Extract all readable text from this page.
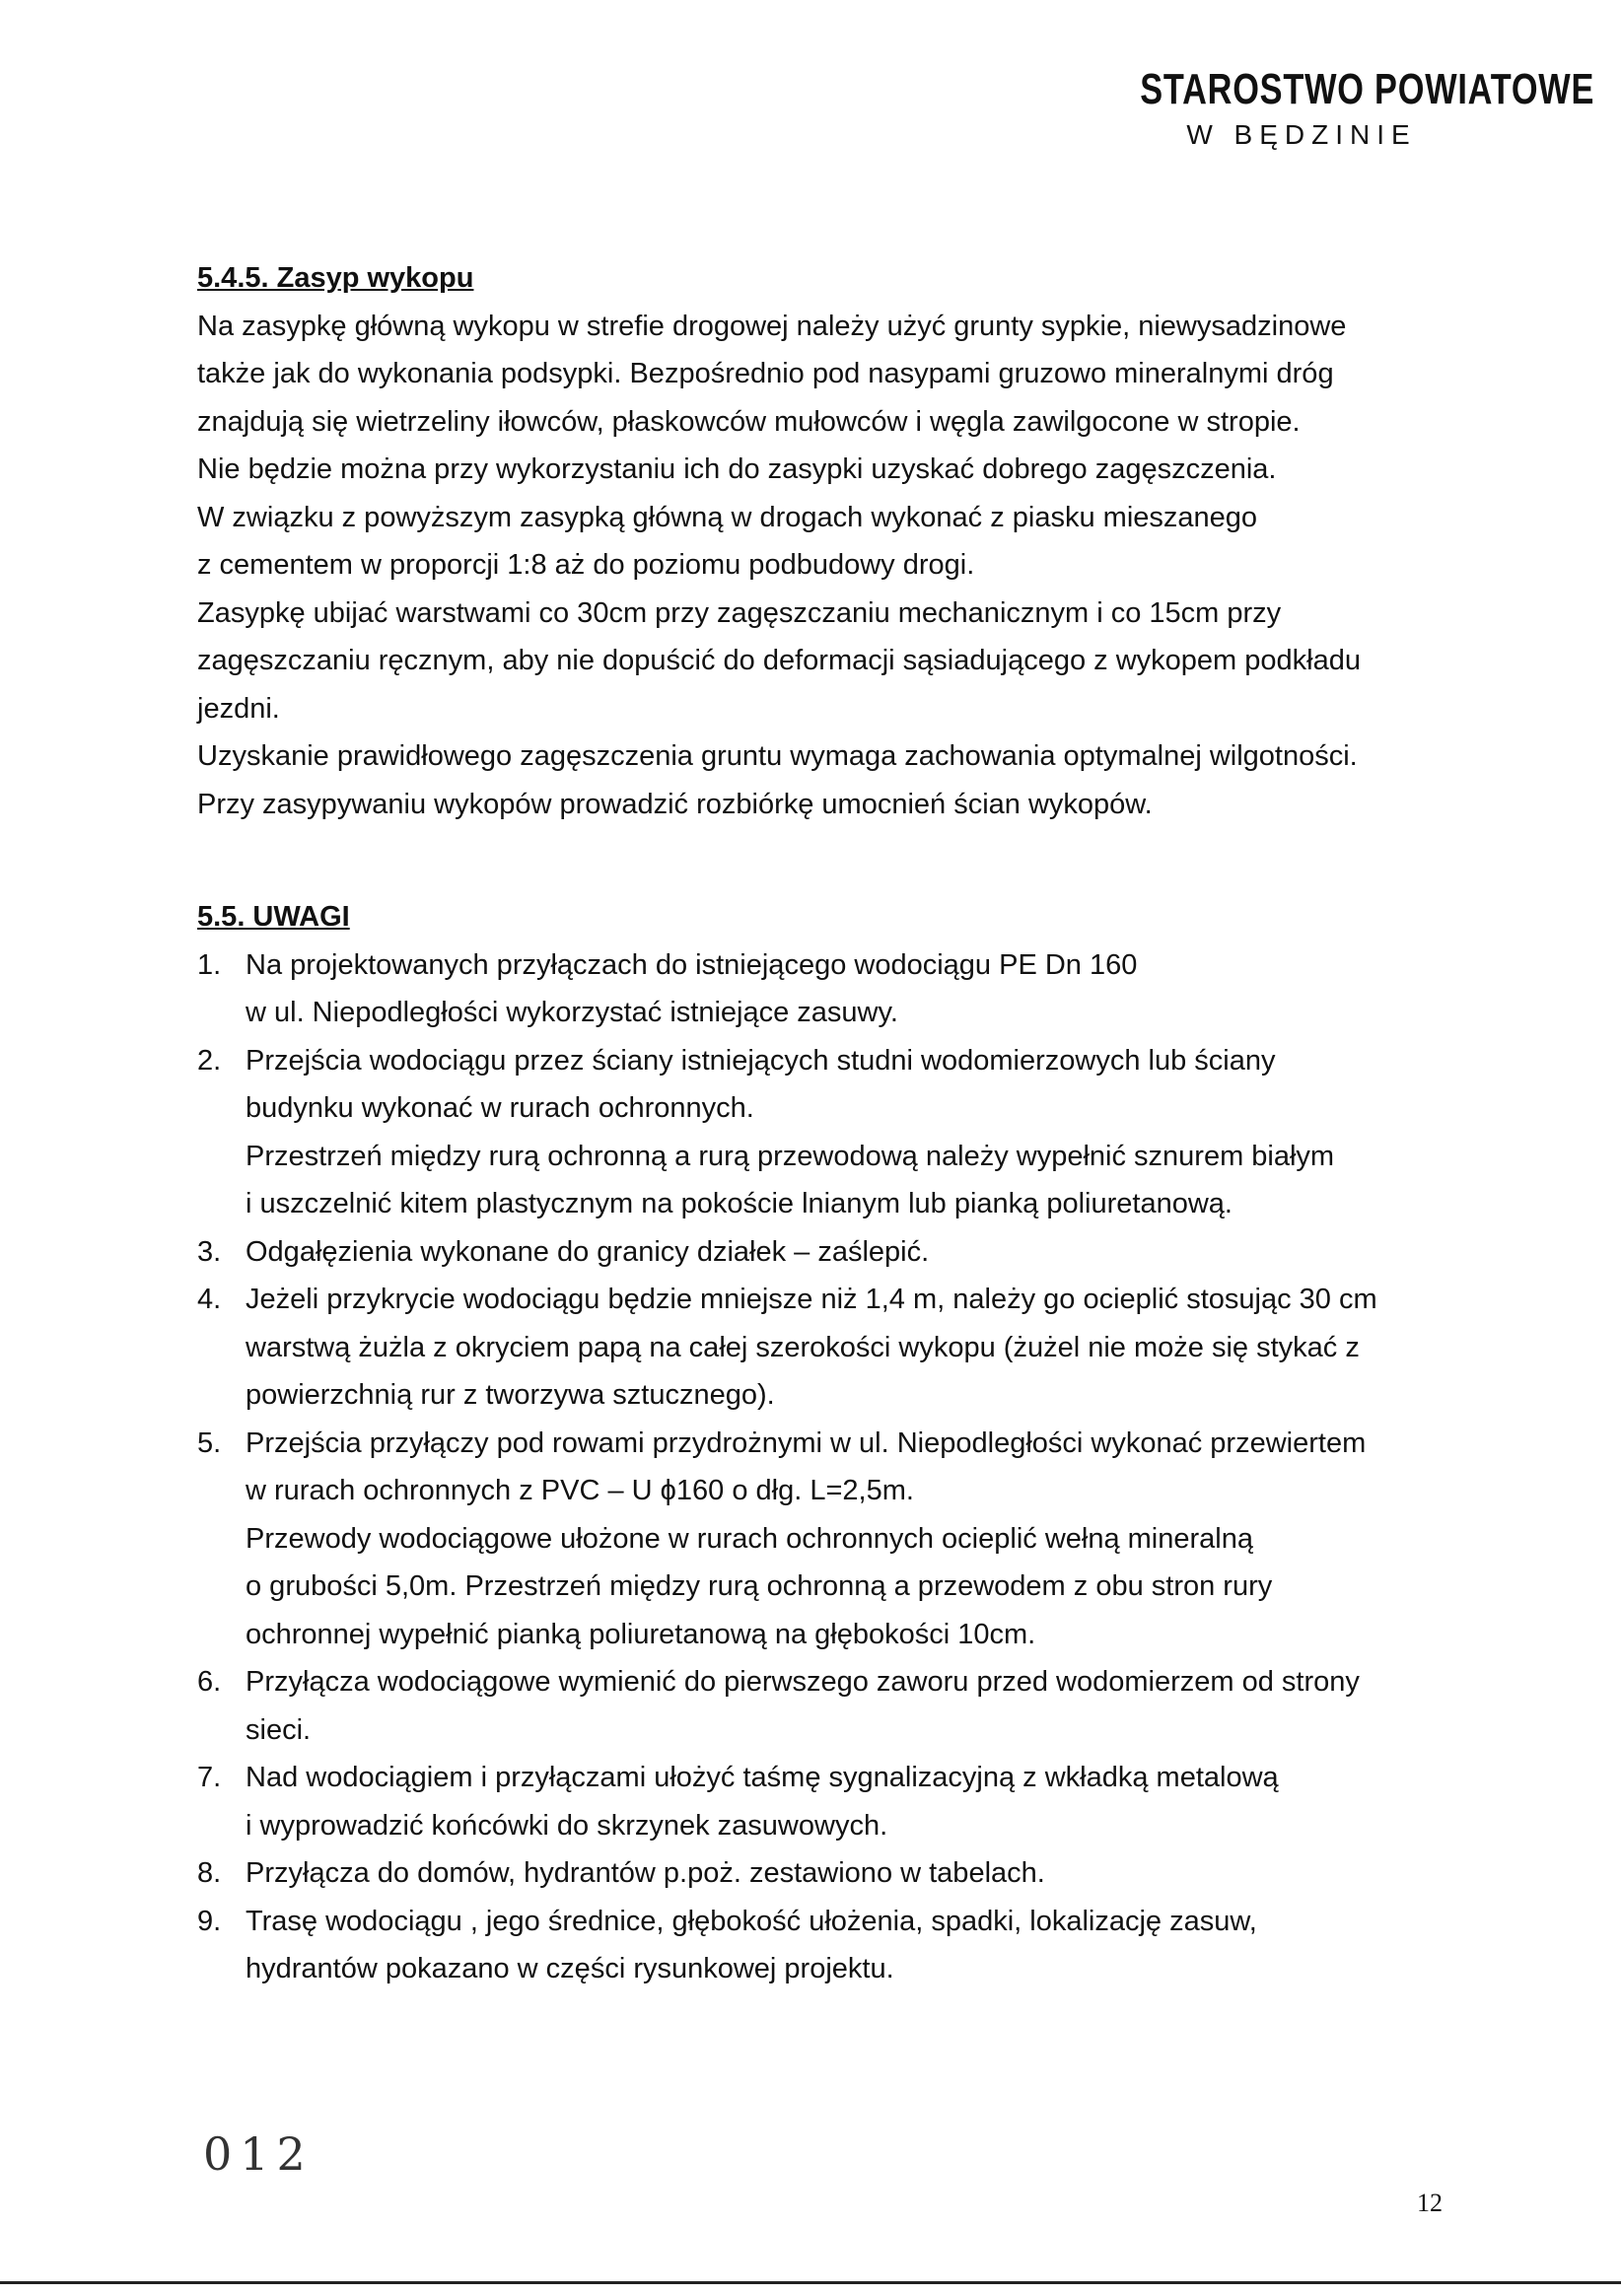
STAROSTWO POWIATOWE
W BĘDZINIE
5.4.5. Zasyp wykopu
Na zasypkę główną wykopu w strefie drogowej należy użyć grunty sypkie, niewysadzinowe
także jak do wykonania podsypki. Bezpośrednio pod nasypami gruzowo mineralnymi dróg
znajdują się wietrzeliny iłowców, płaskowców mułowców i węgla zawilgocone w stropie.
Nie będzie można przy wykorzystaniu ich do zasypki uzyskać dobrego zagęszczenia.
W związku z powyższym zasypką główną w drogach wykonać z piasku mieszanego
z cementem w proporcji 1:8 aż do poziomu podbudowy drogi.
Zasypkę ubijać warstwami co 30cm przy zagęszczaniu mechanicznym i co 15cm przy
zagęszczaniu ręcznym, aby nie dopuścić do deformacji sąsiadującego z wykopem podkładu
jezdni.
Uzyskanie prawidłowego zagęszczenia gruntu wymaga zachowania optymalnej wilgotności.
Przy zasypywaniu wykopów prowadzić rozbiórkę umocnień ścian wykopów.
5.5. UWAGI
1. Na projektowanych przyłączach do istniejącego wodociągu PE Dn 160
w ul. Niepodległości wykorzystać istniejące zasuwy.
2. Przejścia wodociągu przez ściany istniejących studni wodomierzowych lub ściany
budynku wykonać w rurach ochronnych.
Przestrzeń między rurą ochronną a rurą przewodową należy wypełnić sznurem białym
i uszczelnić kitem plastycznym na pokoście lnianym lub pianką poliuretanową.
3. Odgałęzienia wykonane do granicy działek – zaślepić.
4. Jeżeli przykrycie wodociągu będzie mniejsze niż 1,4 m, należy go ocieplić stosując 30 cm
warstwą żużla z okryciem papą na całej szerokości wykopu (żużel nie może się stykać z
powierzchnią rur z tworzywa sztucznego).
5. Przejścia przyłączy pod rowami przydrożnymi w ul. Niepodległości wykonać przewiertem
w rurach ochronnych z PVC – U ϕ160 o dłg. L=2,5m.
Przewody wodociągowe ułożone w rurach ochronnych ocieplić wełną mineralną
o grubości 5,0m. Przestrzeń między rurą ochronną a przewodem z obu stron rury
ochronnej wypełnić pianką poliuretanową na głębokości 10cm.
6. Przyłącza wodociągowe wymienić do pierwszego zaworu przed wodomierzem od strony
sieci.
7. Nad wodociągiem i przyłączami ułożyć taśmę sygnalizacyjną z wkładką metalową
i wyprowadzić końcówki do skrzynek zasuwowych.
8. Przyłącza do domów, hydrantów p.poż. zestawiono w tabelach.
9. Trasę wodociągu , jego średnice, głębokość ułożenia, spadki, lokalizację zasuw,
hydrantów pokazano w części rysunkowej projektu.
012
12
